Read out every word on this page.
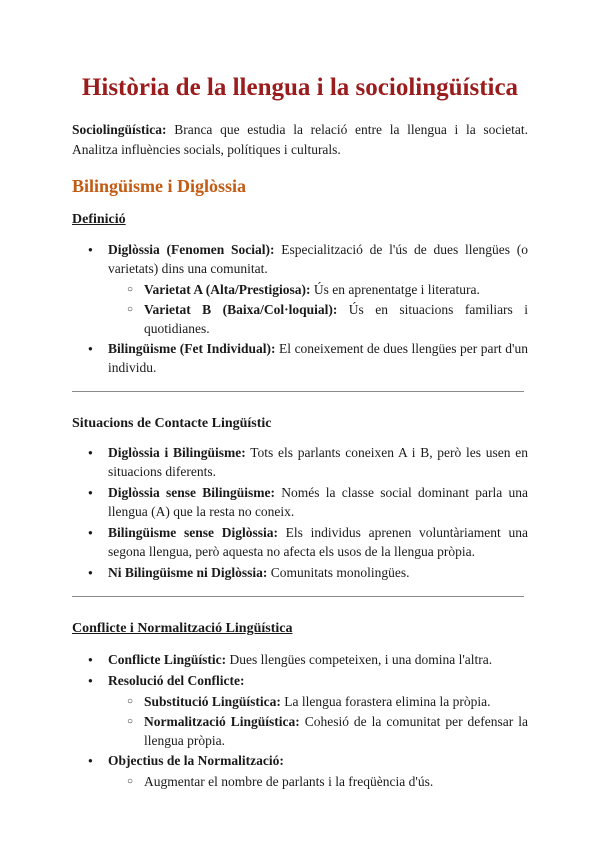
Història de la llengua i la sociolingüística

Sociolingüística: Branca que estudia la relació entre la llengua i la societat. Analitza influències socials, polítiques i culturals.

Bilingüisme i Diglòssia
Definició
● Diglòssia (Fenomen Social): Especialització de l'ús de dues llengües (o varietats) dins una comunitat.
○ Varietat A (Alta/Prestigiosa): Ús en aprenentatge i literatura.
○ Varietat B (Baixa/Col·loquial): Ús en situacions familiars i quotidianes.
● Bilingüisme (Fet Individual): El coneixement de dues llengües per part d'un individu.
Situacions de Contacte Lingüístic
● Diglòssia i Bilingüisme: Tots els parlants coneixen A i B, però les usen en situacions diferents.
● Diglòssia sense Bilingüisme: Només la classe social dominant parla una llengua (A) que la resta no coneix.
● Bilingüisme sense Diglòssia: Els individus aprenen voluntàriament una segona llengua, però aquesta no afecta els usos de la llengua pròpia.
● Ni Bilingüisme ni Diglòssia: Comunitats monolingües.
Conflicte i Normalització Lingüística
● Conflicte Lingüístic: Dues llengües competeixen, i una domina l'altra.
● Resolució del Conflicte:
○ Substitució Lingüística: La llengua forastera elimina la pròpia.
○ Normalització Lingüística: Cohesió de la comunitat per defensar la llengua pròpia.
● Objectius de la Normalització:
○ Augmentar el nombre de parlants i la freqüència d'ús.
